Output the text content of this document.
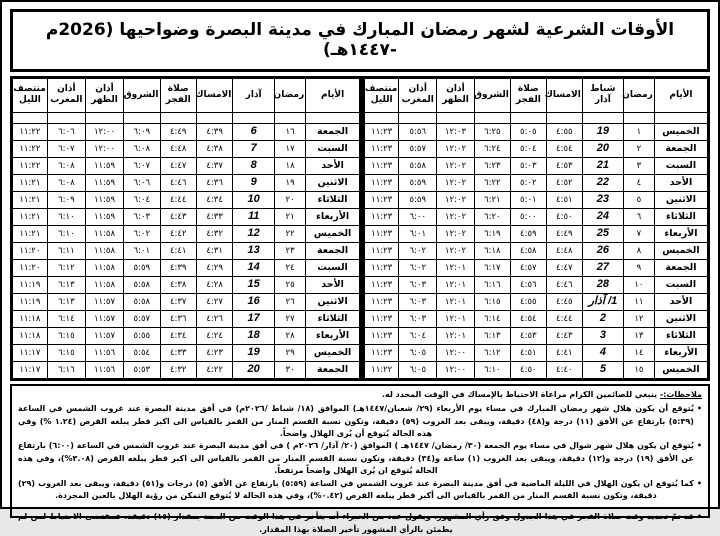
الأوقات الشرعية لشهر رمضان المبارك في مدينة البصرة وضواحيها (2026م -١٤٤٧هـ)
الأيام	رمضان	شباط آذار	الامساك	صلاة الفجر	الشروق	أذان الظهر	أذان المغرب	منتصف الليل

الخميس	١	19	٤:٥٥	٥:٠٥	٦:٢٥	١٢:٠٣	٥:٥٦	١١:٢٣
الجمعة	٢	20	٤:٥٤	٥:٠٤	٦:٢٤	١٢:٠٢	٥:٥٧	١١:٢٣
السبت	٣	21	٤:٥٣	٥:٠٣	٦:٢٣	١٢:٠٢	٥:٥٨	١١:٢٣
الأحد	٤	22	٤:٥٢	٥:٠٢	٦:٢٢	١٢:٠٢	٥:٥٩	١١:٢٣
الاثنين	٥	23	٤:٥١	٥:٠١	٦:٢١	١٢:٠٢	٥:٥٩	١١:٢٣
الثلاثاء	٦	24	٤:٥٠	٥:٠٠	٦:٢٠	١٢:٠٢	٦:٠٠	١١:٢٣
الأربعاء	٧	25	٤:٤٩	٤:٥٩	٦:١٩	١٢:٠٢	٦:٠١	١١:٢٣
الخميس	٨	26	٤:٤٨	٤:٥٨	٦:١٨	١٢:٠٢	٦:٠٢	١١:٢٣
الجمعة	٩	27	٤:٤٧	٤:٥٧	٦:١٧	١٢:٠١	٦:٠٢	١١:٢٣
السبت	١٠	28	٤:٤٦	٤:٥٦	٦:١٦	١٢:٠١	٦:٠٣	١١:٢٣
الأحد	١١	1/ آذار	٤:٤٥	٤:٥٥	٦:١٥	١٢:٠١	٦:٠٣	١١:٢٣
الاثنين	١٢	2	٤:٤٤	٤:٥٤	٦:١٤	١٢:٠١	٦:٠٣	١١:٢٣
الثلاثاء	١٣	3	٤:٤٣	٤:٥٣	٦:١٣	١٢:٠١	٦:٠٤	١١:٢٣
الأربعاء	١٤	4	٤:٤١	٤:٥١	٦:١٢	١٢:٠٠	٦:٠٥	١١:٢٣
الخميس	١٥	5	٤:٤٠	٤:٥٠	٦:١٠	١٢:٠٠	٦:٠٥	١١:٢٢
الأيام	رمضان	آذار	الامساك	صلاة الفجر	الشروق	أذان الظهر	أذان المغرب	منتصف الليل

الجمعة	١٦	6	٤:٣٩	٤:٤٩	٦:٠٩	١٢:٠٠	٦:٠٦	١١:٢٢
السبت	١٧	7	٤:٣٨	٤:٤٨	٦:٠٨	١٢:٠٠	٦:٠٧	١١:٢٢
الأحد	١٨	8	٤:٣٧	٤:٤٧	٦:٠٧	١١:٥٩	٦:٠٨	١١:٢٢
الاثنين	١٩	9	٤:٣٦	٤:٤٦	٦:٠٦	١١:٥٩	٦:٠٨	١١:٢١
الثلاثاء	٢٠	10	٤:٣٤	٤:٤٤	٦:٠٤	١١:٥٩	٦:٠٩	١١:٢١
الأربعاء	٢١	11	٤:٣٣	٤:٤٣	٦:٠٣	١١:٥٩	٦:١٠	١١:٢١
الخميس	٢٢	12	٤:٣٢	٤:٤٢	٦:٠٢	١١:٥٨	٦:١٠	١١:٢١
الجمعة	٢٣	13	٤:٣١	٤:٤١	٦:٠١	١١:٥٨	٦:١١	١١:٢٠
السبت	٢٤	14	٤:٢٩	٤:٣٩	٥:٥٩	١١:٥٨	٦:١٢	١١:٢٠
الأحد	٢٥	15	٤:٢٨	٤:٣٨	٥:٥٨	١١:٥٨	٦:١٣	١١:١٩
الاثنين	٢٦	16	٤:٢٧	٤:٣٧	٥:٥٨	١١:٥٧	٦:١٣	١١:١٩
الثلاثاء	٢٧	17	٤:٢٦	٤:٣٦	٥:٥٧	١١:٥٧	٦:١٤	١١:١٨
الأربعاء	٢٨	18	٤:٢٤	٤:٣٤	٥:٥٥	١١:٥٧	٦:١٥	١١:١٨
الخميس	٢٩	19	٤:٢٣	٤:٣٣	٥:٥٤	١١:٥٦	٦:١٥	١١:١٧
الجمعة	٣٠	20	٤:٢٢	٤:٣٢	٥:٥٣	١١:٥٦	٦:١٦	١١:١٧
ملاحظات:- ينبغي للصائمين الكرام مراعاة الاحتياط بالإمساك في الوقت المحدد له.
•
يُتوقع أن يكون هلال شهر رمضان المبارك في مساء يوم الأربعاء (٢٩/ شعبان/١٤٤٧هـ) الموافق (١٨/ شباط /٢٠٢٦م) في أفق مدينة البصرة عند غروب الشمس في الساعة (٥:٣٩) بارتفاع عن الأفق (١١) درجة و(٤٨) دقيقة، ويبقى بعد الغروب (٥٩) دقيقة، وتكون نسبة القسم المنار من القمر بالقياس الى اكبر قطر يبلغه القرص (١.٢٤ %) وفي هذه الحالة يُتوقع أن يُرى الهلال واضحاً.
•
يُتوقع ان يكون هلال شهر شوال في مساء يوم الجمعة (٣٠/ رمضان/ ١٤٤٧هـ ) الموافق (٢٠/ آذار/ ٢٠٢٦م ) في أفق مدينة البصرة عند غروب الشمس في الساعة (٦:٠٠) بارتفاع عن الأفق (١٩) درجة و(١٢) دقيقة، ويبقى بعد الغروب (١) ساعة و(٣٤) دقيقة، وتكون نسبة القسم المنار من القمر بالقياس الى اكبر قطر يبلغه القرص (٣.٠٨%)، وفي هذه الحالة يُتوقع ان يُرى الهلال واضحاً مرتفعاً.
•
كما يُتوقع ان يكون الهلال في الليلة الماضية في أفق مدينة البصرة عند غروب الشمس في الساعة (٥:٥٩) بارتفاع عن الأفق (٥) درجات و(٥١) دقيقة، ويبقى بعد الغروب (٢٩) دقيقة، وتكون نسبة القسم المنار من القمر بالقياس الى أكبر قطر يبلغه القرص (٠.٤٢%)، وفي هذه الحالة لا يُتوقع التمكن من رؤية الهلال بالعين المجردة.
•
قد تمّ تحديد وقت صلاة الفجر في هذا الجدول وفق رأي المشهور، ويقول عدد من الخبراء أنه يتأخر في هذا الوقت من السنة بمقدار (١٥) دقيقة، فمقتضى الاحتياط لمن لم يطمئن بالرأي المشهور تأخير الصلاة بهذا المقدار.
